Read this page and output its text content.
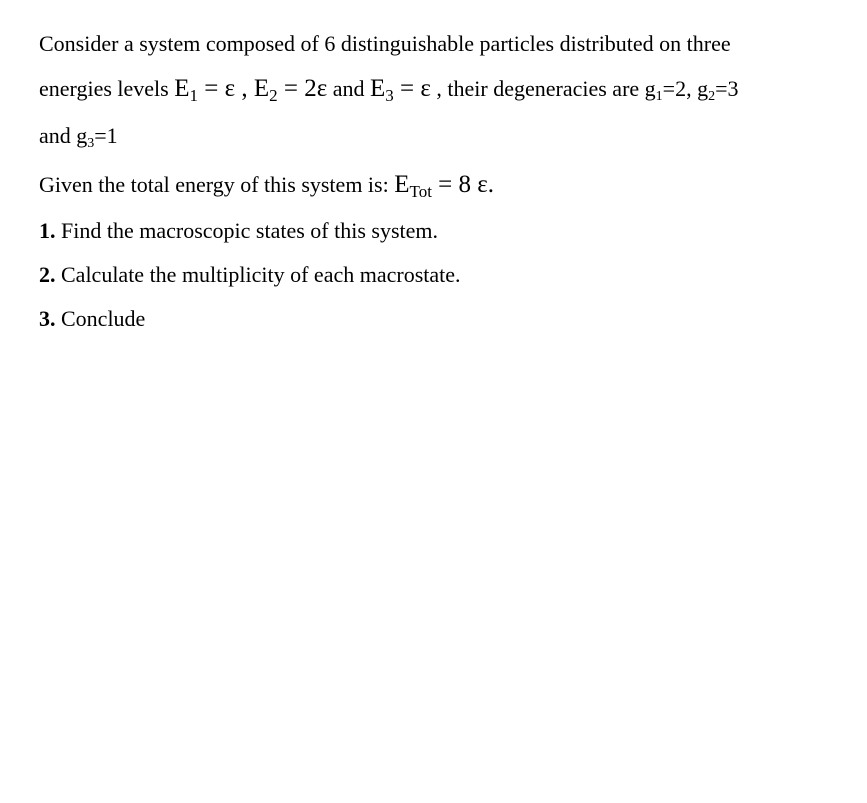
Consider a system composed of 6 distinguishable particles distributed on three
energies levels $E_1 = \varepsilon$ , $E_2 = 2\varepsilon$ and $E_3 = \varepsilon$ , their degeneracies are g1=2, g2=3
and g3=1
Given the total energy of this system is: $E_{Tot} = 8$ ε.
1. Find the macroscopic states of this system.
2. Calculate the multiplicity of each macrostate.
3. Conclude
